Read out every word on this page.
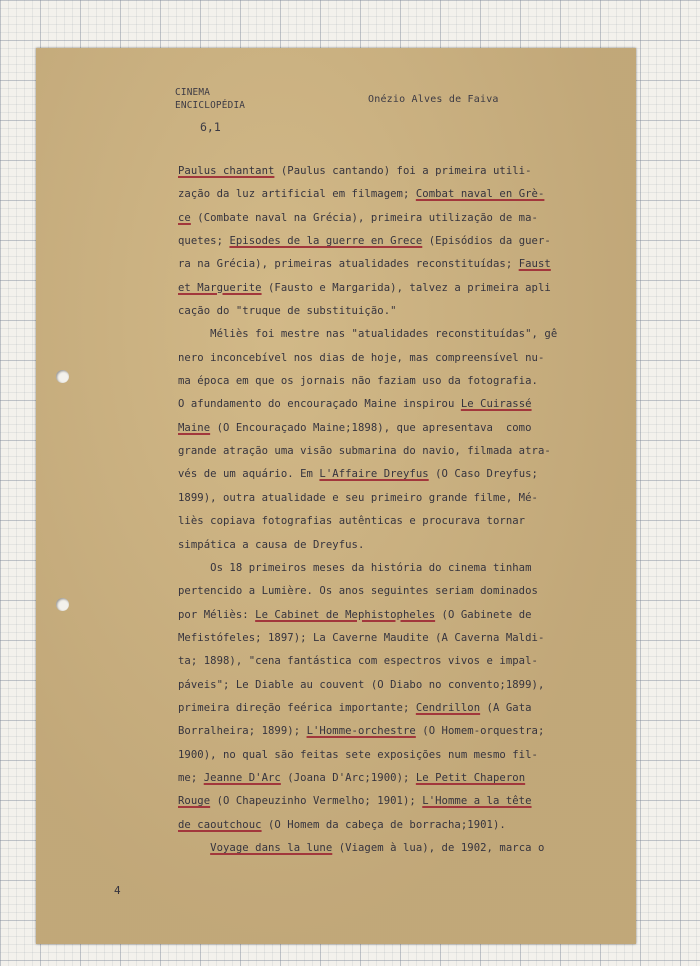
CINEMA
ENCICLOPÉDIA
Onézio Alves de Faiva
6,1
Paulus chantant (Paulus cantando) foi a primeira utili-
zação da luz artificial em filmagem; Combat naval en Grè-
ce (Combate naval na Grécia), primeira utilização de ma-
quetes; Episodes de la guerre en Grece (Episódios da guer-
ra na Grécia), primeiras atualidades reconstituídas; Faust
et Marguerite (Fausto e Margarida), talvez a primeira apli
cação do "truque de substituição."
Méliès foi mestre nas "atualidades reconstituídas", gê
nero inconcebível nos dias de hoje, mas compreensível nu-
ma época em que os jornais não faziam uso da fotografia.
O afundamento do encouraçado Maine inspirou Le Cuirassé
Maine (O Encouraçado Maine;1898), que apresentava  como
grande atração uma visão submarina do navio, filmada atra-
vés de um aquário. Em L'Affaire Dreyfus (O Caso Dreyfus;
1899), outra atualidade e seu primeiro grande filme, Mé-
liès copiava fotografias autênticas e procurava tornar
simpática a causa de Dreyfus.
Os 18 primeiros meses da história do cinema tinham
pertencido a Lumière. Os anos seguintes seriam dominados
por Méliès: Le Cabinet de Mephistopheles (O Gabinete de
Mefistófeles; 1897); La Caverne Maudite (A Caverna Maldi-
ta; 1898), "cena fantástica com espectros vivos e impal-
páveis"; Le Diable au couvent (O Diabo no convento;1899),
primeira direção feérica importante; Cendrillon (A Gata
Borralheira; 1899); L'Homme-orchestre (O Homem-orquestra;
1900), no qual são feitas sete exposições num mesmo fil-
me; Jeanne D'Arc (Joana D'Arc;1900); Le Petit Chaperon
Rouge (O Chapeuzinho Vermelho; 1901); L'Homme a la tête
de caoutchouc (O Homem da cabeça de borracha;1901).
Voyage dans la lune (Viagem à lua), de 1902, marca o
4
